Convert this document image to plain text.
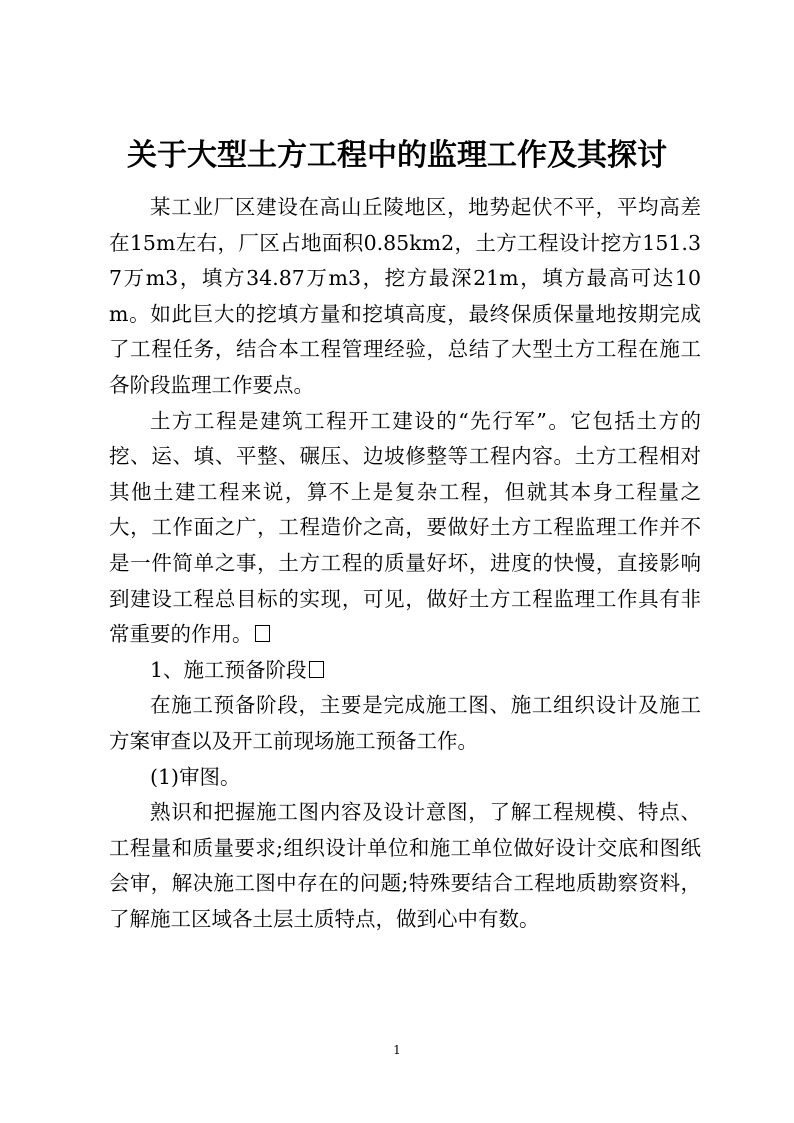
关于大型土方工程中的监理工作及其探讨

某工业厂区建设在高山丘陵地区，地势起伏不平，平均高差在15m左右，厂区占地面积0.85km2，土方工程设计挖方151.37万m3，填方34.87万m3，挖方最深21m，填方最高可达10m。如此巨大的挖填方量和挖填高度，最终保质保量地按期完成了工程任务，结合本工程管理经验，总结了大型土方工程在施工各阶段监理工作要点。

土方工程是建筑工程开工建设的“先行军”。它包括土方的挖、运、填、平整、碾压、边坡修整等工程内容。土方工程相对其他土建工程来说，算不上是复杂工程，但就其本身工程量之大，工作面之广，工程造价之高，要做好土方工程监理工作并不是一件简单之事，土方工程的质量好坏，进度的快慢，直接影响到建设工程总目标的实现，可见，做好土方工程监理工作具有非常重要的作用。

1、施工预备阶段

在施工预备阶段，主要是完成施工图、施工组织设计及施工方案审查以及开工前现场施工预备工作。

(1)审图。

熟识和把握施工图内容及设计意图，了解工程规模、特点、工程量和质量要求;组织设计单位和施工单位做好设计交底和图纸会审，解决施工图中存在的问题;特殊要结合工程地质勘察资料，了解施工区域各土层土质特点，做到心中有数。

1
